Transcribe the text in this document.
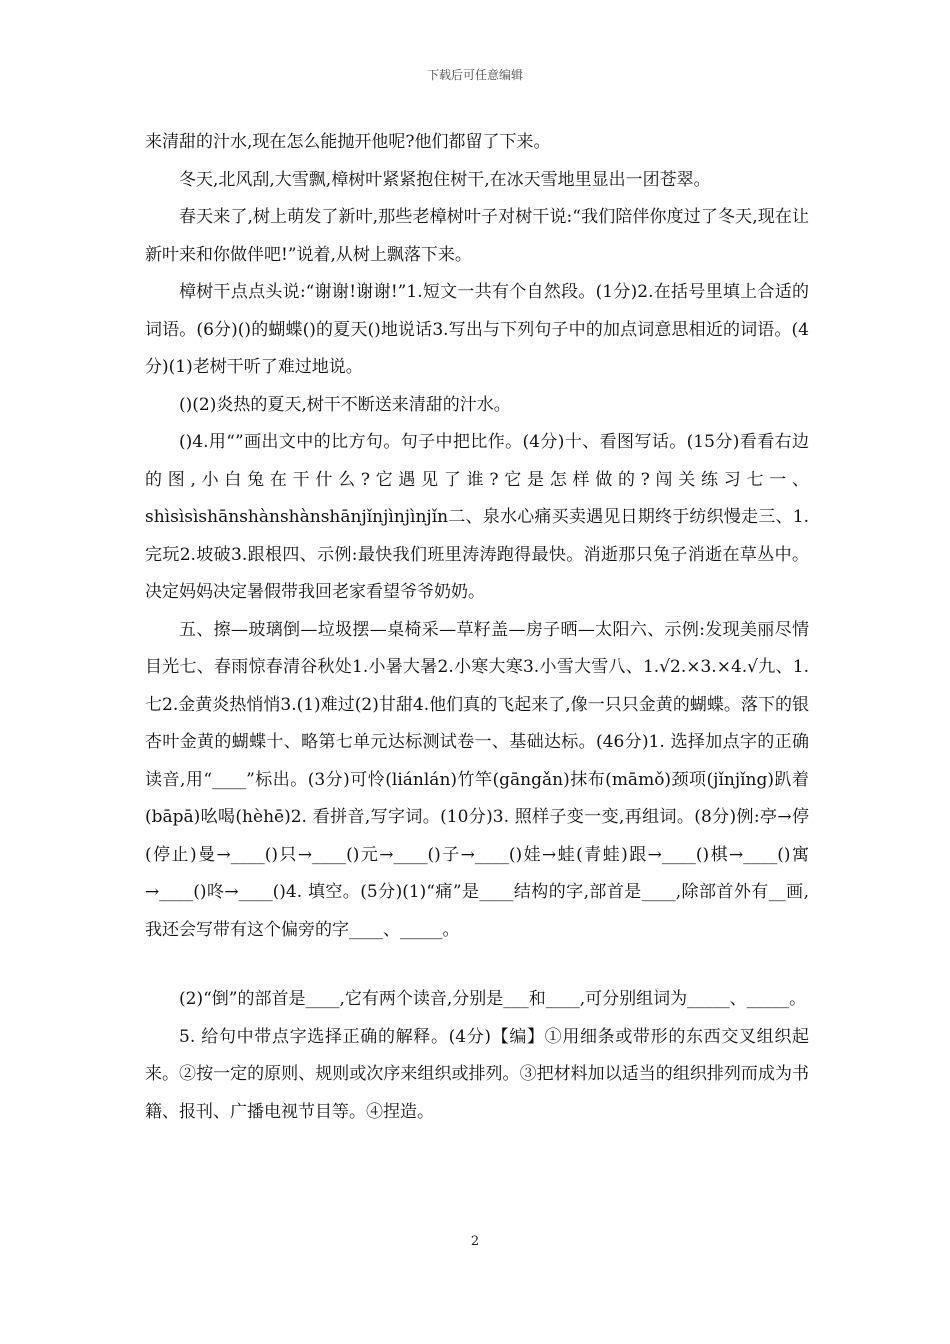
下载后可任意编辑

来清甜的汁水,现在怎么能抛开他呢?他们都留了下来。

冬天,北风刮,大雪飘,樟树叶紧紧抱住树干,在冰天雪地里显出一团苍翠。

春天来了,树上萌发了新叶,那些老樟树叶子对树干说:“我们陪伴你度过了冬天,现在让新叶来和你做伴吧!”说着,从树上飘落下来。

樟树干点点头说:“谢谢!谢谢!”1.短文一共有个自然段。(1分)2.在括号里填上合适的词语。(6分)()的蝴蝶()的夏天()地说话3.写出与下列句子中的加点词意思相近的词语。(4分)(1)老树干听了难过地说。

()(2)炎热的夏天,树干不断送来清甜的汁水。

()4.用“”画出文中的比方句。句子中把比作。(4分)十、看图写话。(15分)看看右边的图,小白兔在干什么?它遇见了谁?它是怎样做的?闯关练习七一、shìsìsìshānshànshànshānjǐnjìnjìnjǐn二、泉水心痛买卖遇见日期终于纺织慢走三、1.完玩2.坡破3.跟根四、示例:最快我们班里涛涛跑得最快。消逝那只兔子消逝在草丛中。决定妈妈决定暑假带我回老家看望爷爷奶奶。

五、擦—玻璃倒—垃圾摆—桌椅采—草籽盖—房子晒—太阳六、示例:发现美丽尽情目光七、春雨惊春清谷秋处1.小暑大暑2.小寒大寒3.小雪大雪八、1.√2.×3.×4.√九、1.七2.金黄炎热悄悄3.(1)难过(2)甘甜4.他们真的飞起来了,像一只只金黄的蝴蝶。落下的银杏叶金黄的蝴蝶十、略第七单元达标测试卷一、基础达标。(46分)1. 选择加点字的正确读音,用“____”标出。(3分)可怜(liánlán)竹竿(gāngǎn)抹布(māmǒ)颈项(jǐnjǐng)趴着(bāpā)吆喝(hèhē)2. 看拼音,写字词。(10分)3. 照样子变一变,再组词。(8分)例:亭→停(停止)曼→____()只→____()元→____()子→____()娃→蛙(青蛙)跟→____()棋→____()寓→____()咚→____()4. 填空。(5分)(1)“痛”是____结构的字,部首是____,除部首外有__画,我还会写带有这个偏旁的字____、_____。

(2)“倒”的部首是____,它有两个读音,分别是___和____,可分别组词为_____、_____。

5. 给句中带点字选择正确的解释。(4分)【编】①用细条或带形的东西交叉组织起来。②按一定的原则、规则或次序来组织或排列。③把材料加以适当的组织排列而成为书籍、报刊、广播电视节目等。④捏造。

2
